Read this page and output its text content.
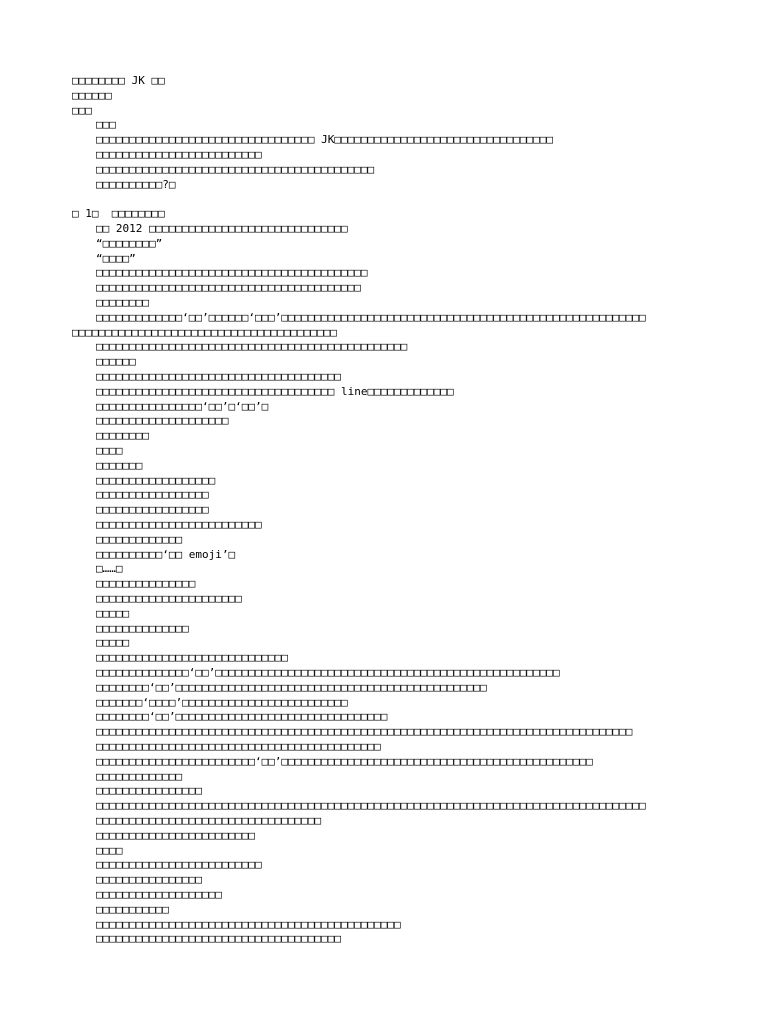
□□□□□□□□ JK □□
□□□□□□
□□□
□□□
□□□□□□□□□□□□□□□□□□□□□□□□□□□□□□□□□ JK□□□□□□□□□□□□□□□□□□□□□□□□□□□□□□□□□
□□□□□□□□□□□□□□□□□□□□□□□□□
□□□□□□□□□□□□□□□□□□□□□□□□□□□□□□□□□□□□□□□□□□
□□□□□□□□□□?□
□ 1□  □□□□□□□□
□□ 2012 □□□□□□□□□□□□□□□□□□□□□□□□□□□□□□
“□□□□□□□□”
“□□□□”
□□□□□□□□□□□□□□□□□□□□□□□□□□□□□□□□□□□□□□□□□
□□□□□□□□□□□□□□□□□□□□□□□□□□□□□□□□□□□□□□□□
□□□□□□□□
□□□□□□□□□□□□□‘□□’□□□□□□‘□□□’□□□□□□□□□□□□□□□□□□□□□□□□□□□□□□□□□□□□□□□□□□□□□□□□□□□□□□□
□□□□□□□□□□□□□□□□□□□□□□□□□□□□□□□□□□□□□□□□
□□□□□□□□□□□□□□□□□□□□□□□□□□□□□□□□□□□□□□□□□□□□□□□
□□□□□□
□□□□□□□□□□□□□□□□□□□□□□□□□□□□□□□□□□□□□
□□□□□□□□□□□□□□□□□□□□□□□□□□□□□□□□□□□□ line□□□□□□□□□□□□□
□□□□□□□□□□□□□□□□‘□□’□‘□□’□
□□□□□□□□□□□□□□□□□□□□
□□□□□□□□
□□□□
□□□□□□□
□□□□□□□□□□□□□□□□□□
□□□□□□□□□□□□□□□□□
□□□□□□□□□□□□□□□□□
□□□□□□□□□□□□□□□□□□□□□□□□□
□□□□□□□□□□□□□
□□□□□□□□□□‘□□ emoji’□
□……□
□□□□□□□□□□□□□□□
□□□□□□□□□□□□□□□□□□□□□□
□□□□□
□□□□□□□□□□□□□□
□□□□□
□□□□□□□□□□□□□□□□□□□□□□□□□□□□□
□□□□□□□□□□□□□□‘□□’□□□□□□□□□□□□□□□□□□□□□□□□□□□□□□□□□□□□□□□□□□□□□□□□□□□□
□□□□□□□□‘□□’□□□□□□□□□□□□□□□□□□□□□□□□□□□□□□□□□□□□□□□□□□□□□□□
□□□□□□□‘□□□□’□□□□□□□□□□□□□□□□□□□□□□□□□
□□□□□□□□‘□□’□□□□□□□□□□□□□□□□□□□□□□□□□□□□□□□□
□□□□□□□□□□□□□□□□□□□□□□□□□□□□□□□□□□□□□□□□□□□□□□□□□□□□□□□□□□□□□□□□□□□□□□□□□□□□□□□□□
□□□□□□□□□□□□□□□□□□□□□□□□□□□□□□□□□□□□□□□□□□□
□□□□□□□□□□□□□□□□□□□□□□□□‘□□’□□□□□□□□□□□□□□□□□□□□□□□□□□□□□□□□□□□□□□□□□□□□□□□
□□□□□□□□□□□□□
□□□□□□□□□□□□□□□□
□□□□□□□□□□□□□□□□□□□□□□□□□□□□□□□□□□□□□□□□□□□□□□□□□□□□□□□□□□□□□□□□□□□□□□□□□□□□□□□□□□□
□□□□□□□□□□□□□□□□□□□□□□□□□□□□□□□□□□
□□□□□□□□□□□□□□□□□□□□□□□□
□□□□
□□□□□□□□□□□□□□□□□□□□□□□□□
□□□□□□□□□□□□□□□□
□□□□□□□□□□□□□□□□□□□
□□□□□□□□□□□
□□□□□□□□□□□□□□□□□□□□□□□□□□□□□□□□□□□□□□□□□□□□□□
□□□□□□□□□□□□□□□□□□□□□□□□□□□□□□□□□□□□□
